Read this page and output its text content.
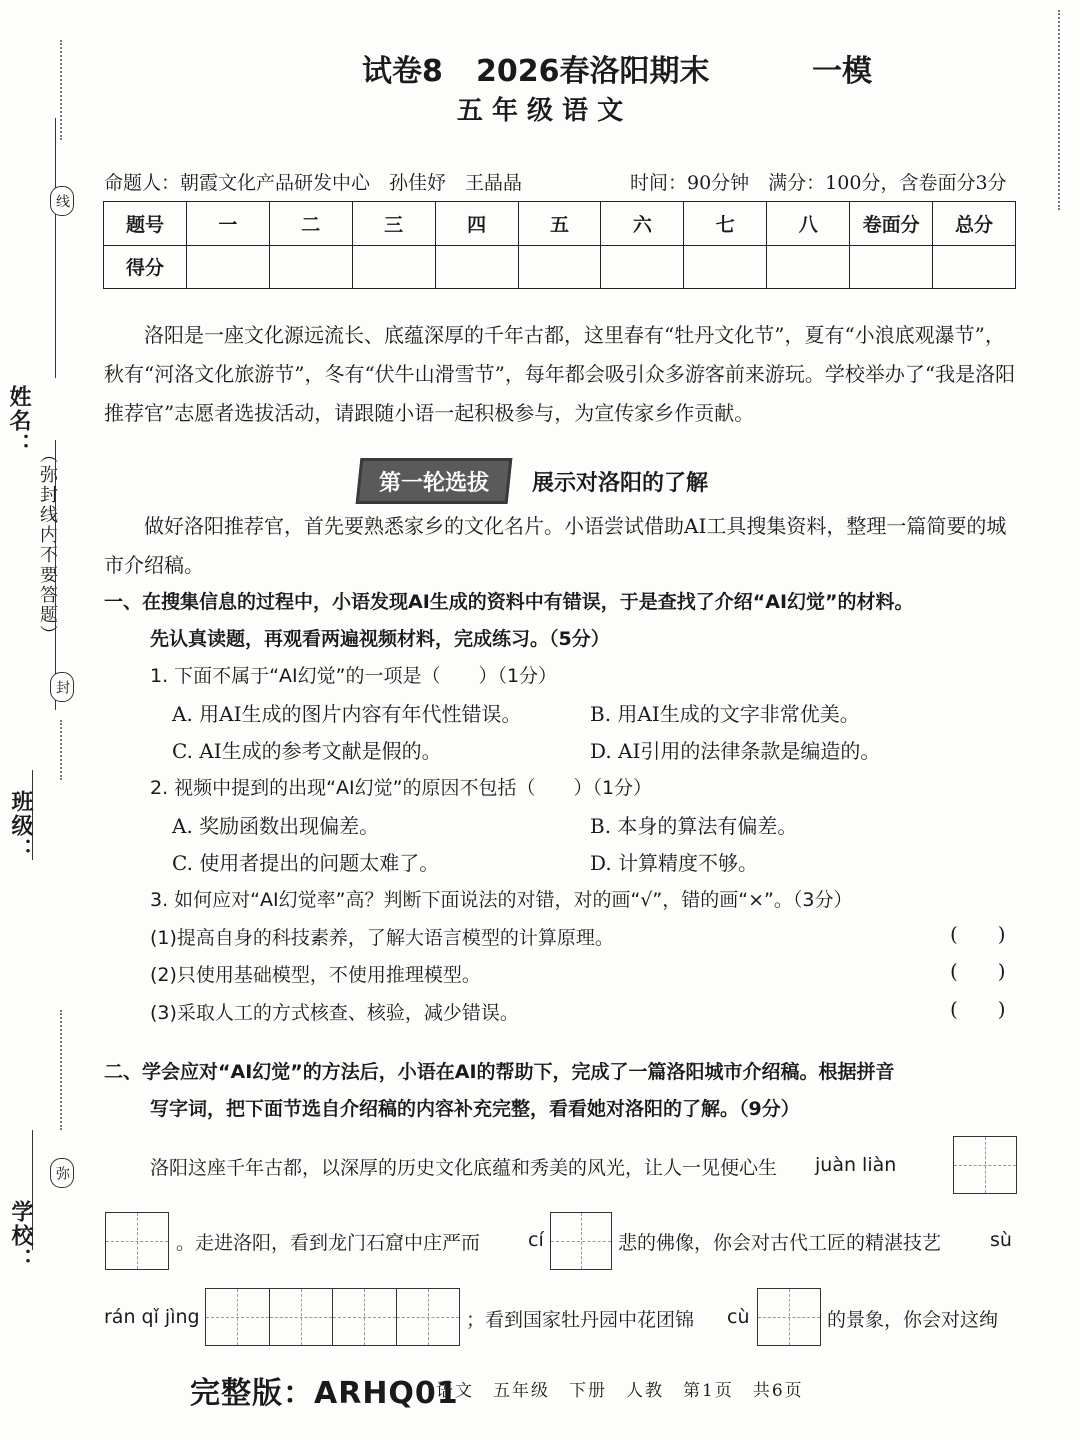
线
姓名：
（弥封线内不要答题）
封
班级：
弥
学校：
试卷8 2026春洛阳期末	一模
五 年 级 语 文
命题人：朝霞文化产品研发中心　孙佳妤　王晶晶	时间：90分钟　满分：100分，含卷面分3分
题号	一	二	三	四	五	六	七	八	卷面分	总分
得分										
洛阳是一座文化源远流长、底蕴深厚的千年古都，这里春有“牡丹文化节”，夏有“小浪底观瀑节”，秋有“河洛文化旅游节”，冬有“伏牛山滑雪节”，每年都会吸引众多游客前来游玩。学校举办了“我是洛阳推荐官”志愿者选拔活动，请跟随小语一起积极参与，为宣传家乡作贡献。
第一轮选拔 展示对洛阳的了解
做好洛阳推荐官，首先要熟悉家乡的文化名片。小语尝试借助AI工具搜集资料，整理一篇简要的城市介绍稿。
一、在搜集信息的过程中，小语发现AI生成的资料中有错误，于是查找了介绍“AI幻觉”的材料。
先认真读题，再观看两遍视频材料，完成练习。（5分）
1. 下面不属于“AI幻觉”的一项是（　　）（1分）
A. 用AI生成的图片内容有年代性错误。	B. 用AI生成的文字非常优美。
C. AI生成的参考文献是假的。	D. AI引用的法律条款是编造的。
2. 视频中提到的出现“AI幻觉”的原因不包括（　　）（1分）
A. 奖励函数出现偏差。	B. 本身的算法有偏差。
C. 使用者提出的问题太难了。	D. 计算精度不够。
3. 如何应对“AI幻觉率”高？判断下面说法的对错，对的画“√”，错的画“×”。（3分）
(1)提高自身的科技素养，了解大语言模型的计算原理。
(2)只使用基础模型，不使用推理模型。
(3)采取人工的方式核查、核验，减少错误。
()
()
()
二、学会应对“AI幻觉”的方法后，小语在AI的帮助下，完成了一篇洛阳城市介绍稿。根据拼音
写字词，把下面节选自介绍稿的内容补充完整，看看她对洛阳的了解。（9分）
洛阳这座千年古都，以深厚的历史文化底蕴和秀美的风光，让人一见便心生 juàn liàn
。走进洛阳，看到龙门石窟中庄严而	cí	悲的佛像，你会对古代工匠的精湛技艺	sù
rán qǐ jìng	；看到国家牡丹园中花团锦 cù	的景象，你会对这绚
完整版：ARHQ01
语文　五年级　下册　人教　第1页　共6页
